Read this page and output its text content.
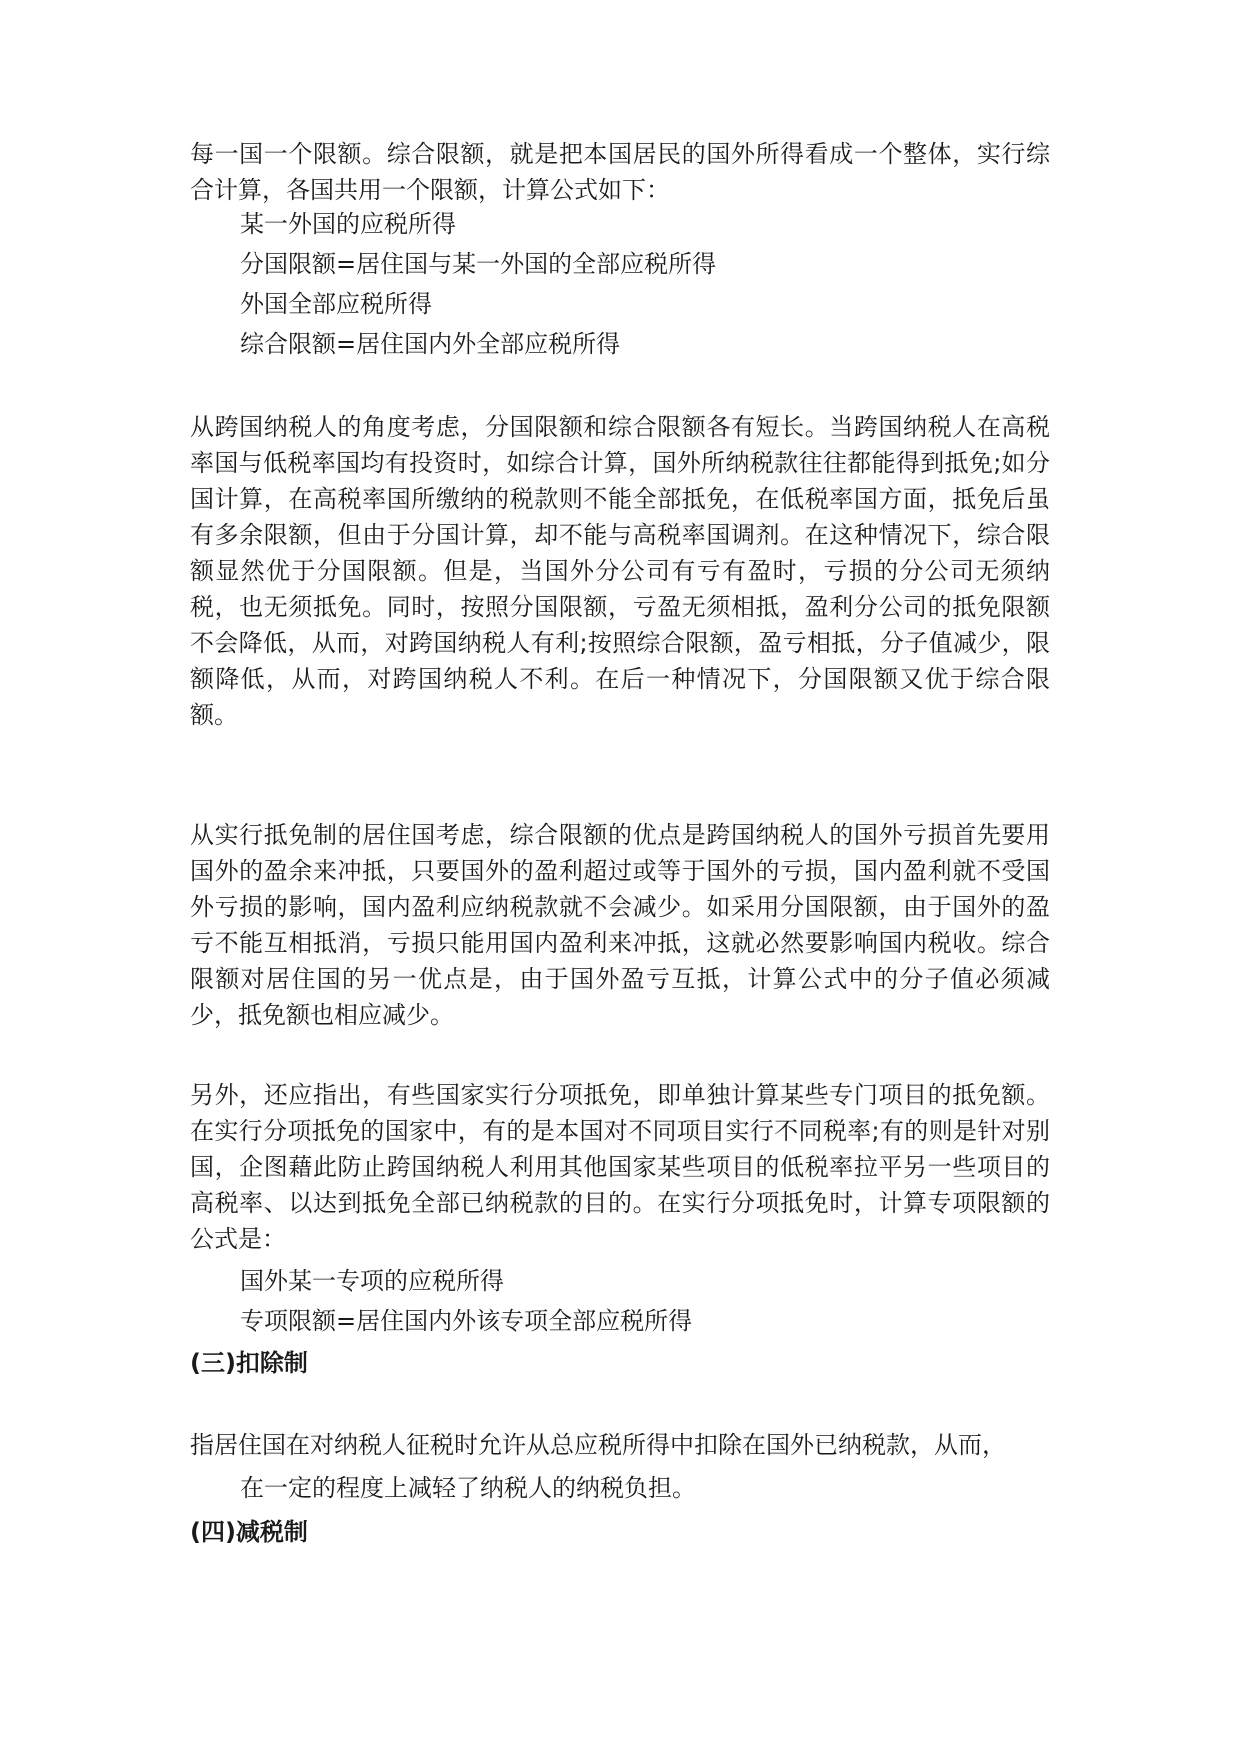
每一国一个限额。综合限额，就是把本国居民的国外所得看成一个整体，实行综合计算，各国共用一个限额，计算公式如下：

某一外国的应税所得

分国限额=居住国与某一外国的全部应税所得

外国全部应税所得

综合限额=居住国内外全部应税所得

从跨国纳税人的角度考虑，分国限额和综合限额各有短长。当跨国纳税人在高税率国与低税率国均有投资时，如综合计算，国外所纳税款往往都能得到抵免;如分国计算，在高税率国所缴纳的税款则不能全部抵免，在低税率国方面，抵免后虽有多余限额，但由于分国计算，却不能与高税率国调剂。在这种情况下，综合限额显然优于分国限额。但是，当国外分公司有亏有盈时，亏损的分公司无须纳税，也无须抵免。同时，按照分国限额，亏盈无须相抵，盈利分公司的抵免限额不会降低，从而，对跨国纳税人有利;按照综合限额，盈亏相抵，分子值减少，限额降低，从而，对跨国纳税人不利。在后一种情况下，分国限额又优于综合限额。

从实行抵免制的居住国考虑，综合限额的优点是跨国纳税人的国外亏损首先要用国外的盈余来冲抵，只要国外的盈利超过或等于国外的亏损，国内盈利就不受国外亏损的影响，国内盈利应纳税款就不会减少。如采用分国限额，由于国外的盈亏不能互相抵消，亏损只能用国内盈利来冲抵，这就必然要影响国内税收。综合限额对居住国的另一优点是，由于国外盈亏互抵，计算公式中的分子值必须减少，抵免额也相应减少。

另外，还应指出，有些国家实行分项抵免，即单独计算某些专门项目的抵免额。在实行分项抵免的国家中，有的是本国对不同项目实行不同税率;有的则是针对别国，企图藉此防止跨国纳税人利用其他国家某些项目的低税率拉平另一些项目的高税率、以达到抵免全部已纳税款的目的。在实行分项抵免时，计算专项限额的公式是：

国外某一专项的应税所得

专项限额=居住国内外该专项全部应税所得

(三)扣除制

指居住国在对纳税人征税时允许从总应税所得中扣除在国外已纳税款，从而，

在一定的程度上减轻了纳税人的纳税负担。

(四)减税制
